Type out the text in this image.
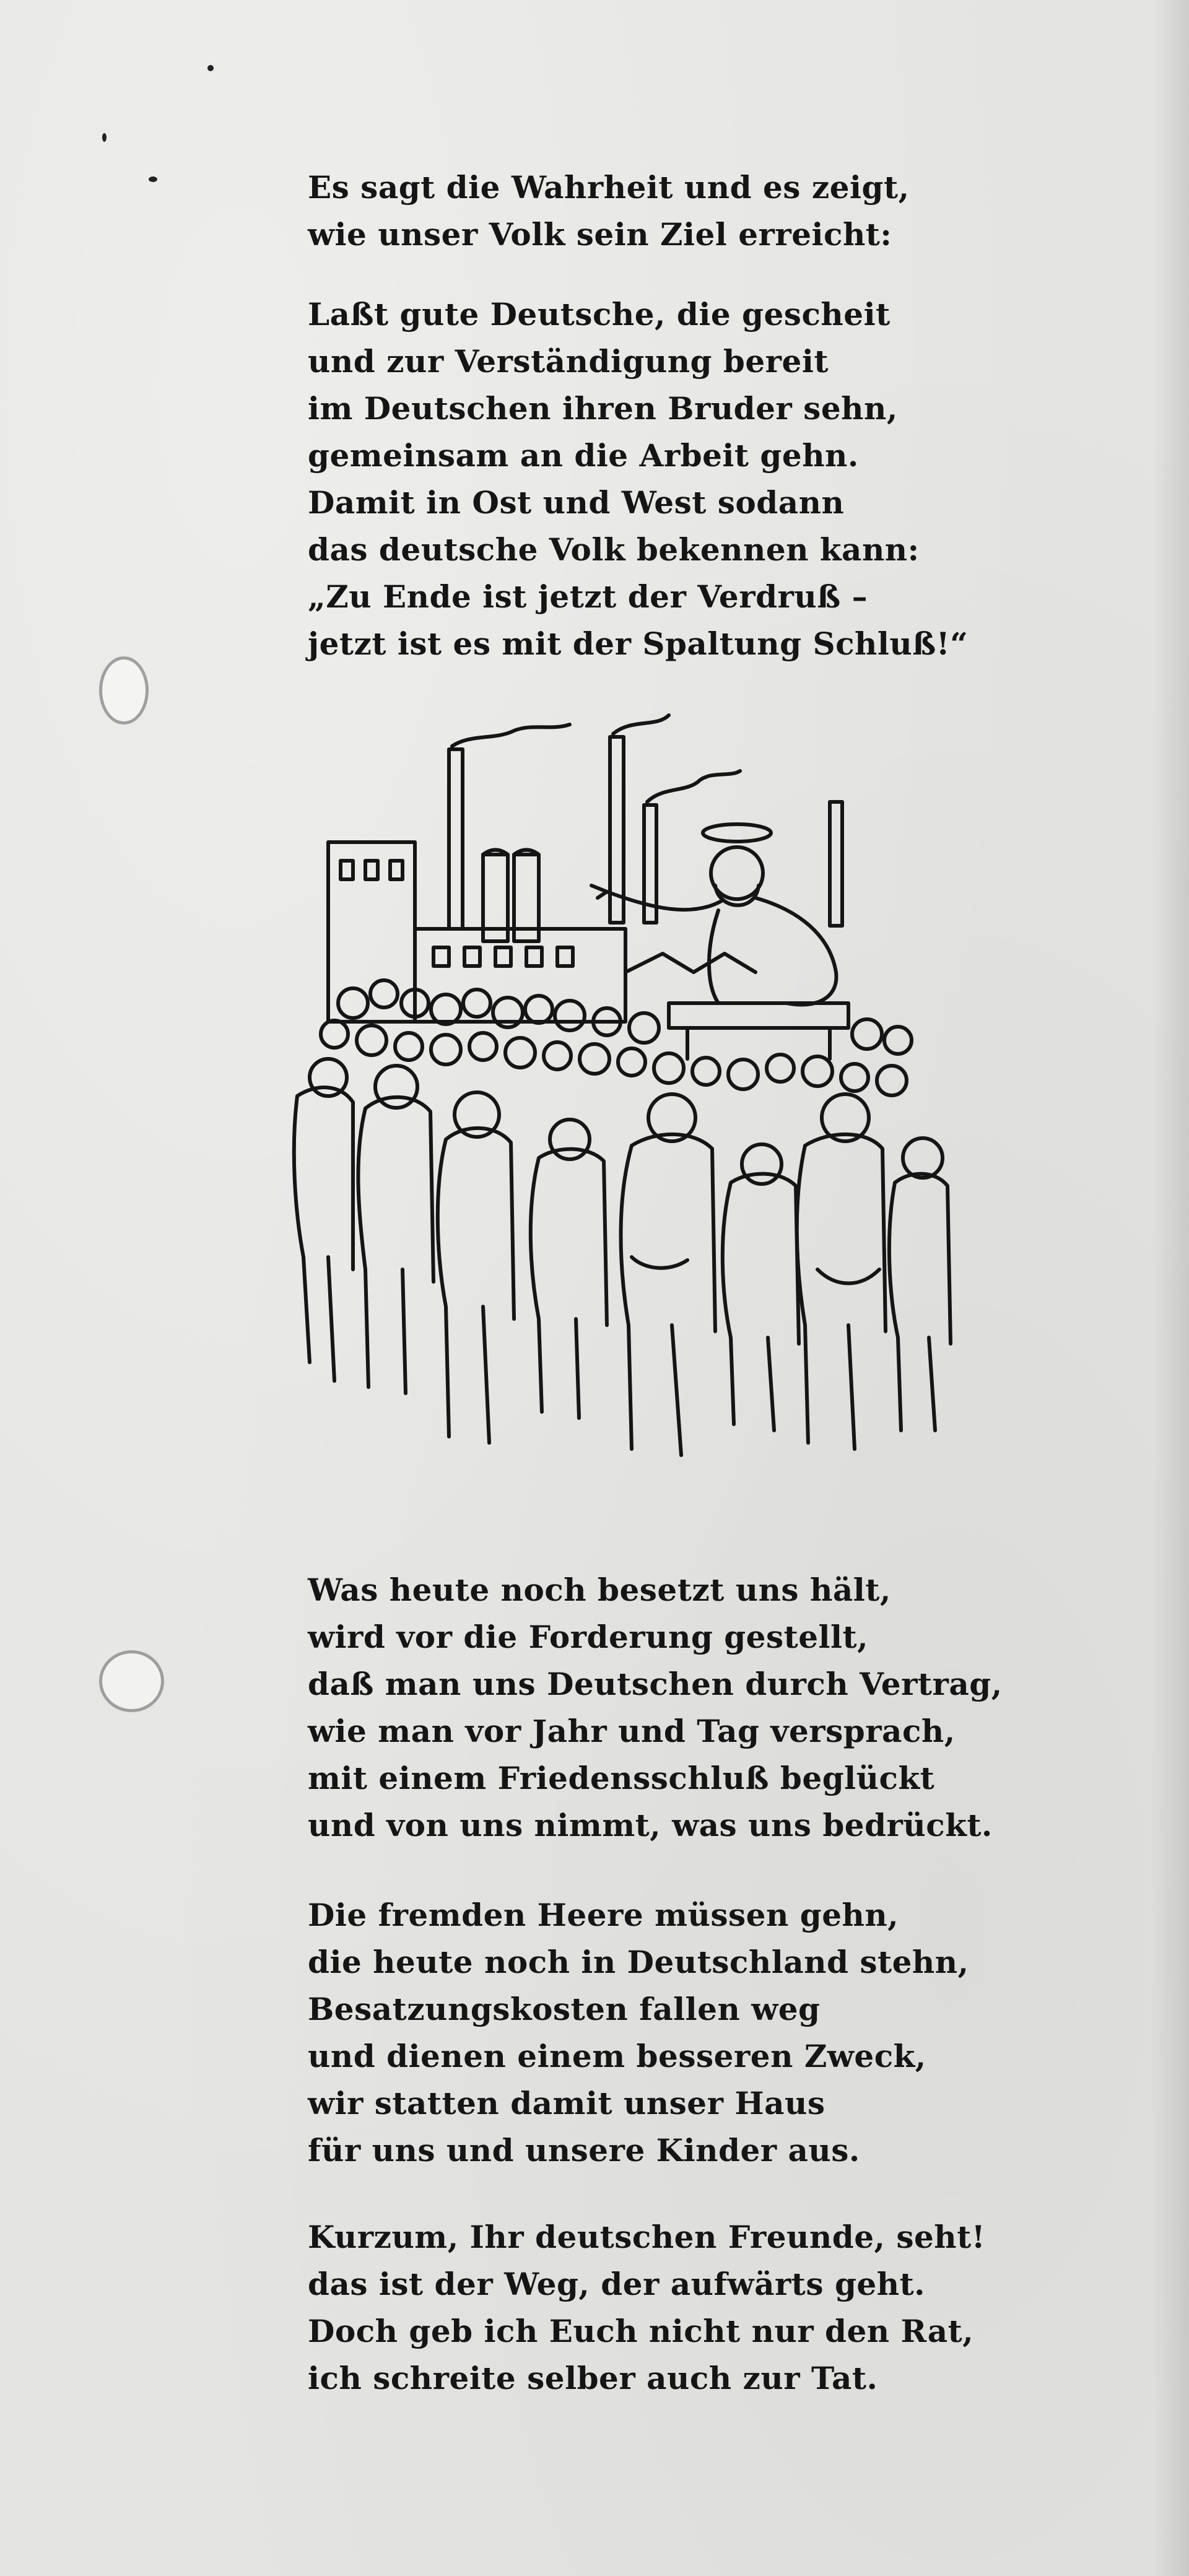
Es sagt die Wahrheit und es zeigt,
wie unser Volk sein Ziel erreicht:
Laßt gute Deutsche, die gescheit
und zur Verständigung bereit
im Deutschen ihren Bruder sehn,
gemeinsam an die Arbeit gehn.
Damit in Ost und West sodann
das deutsche Volk bekennen kann:
„Zu Ende ist jetzt der Verdruß –
jetzt ist es mit der Spaltung Schluß!“
Was heute noch besetzt uns hält,
wird vor die Forderung gestellt,
daß man uns Deutschen durch Vertrag,
wie man vor Jahr und Tag versprach,
mit einem Friedensschluß beglückt
und von uns nimmt, was uns bedrückt.
Die fremden Heere müssen gehn,
die heute noch in Deutschland stehn,
Besatzungskosten fallen weg
und dienen einem besseren Zweck,
wir statten damit unser Haus
für uns und unsere Kinder aus.
Kurzum, Ihr deutschen Freunde, seht!
das ist der Weg, der aufwärts geht.
Doch geb ich Euch nicht nur den Rat,
ich schreite selber auch zur Tat.
